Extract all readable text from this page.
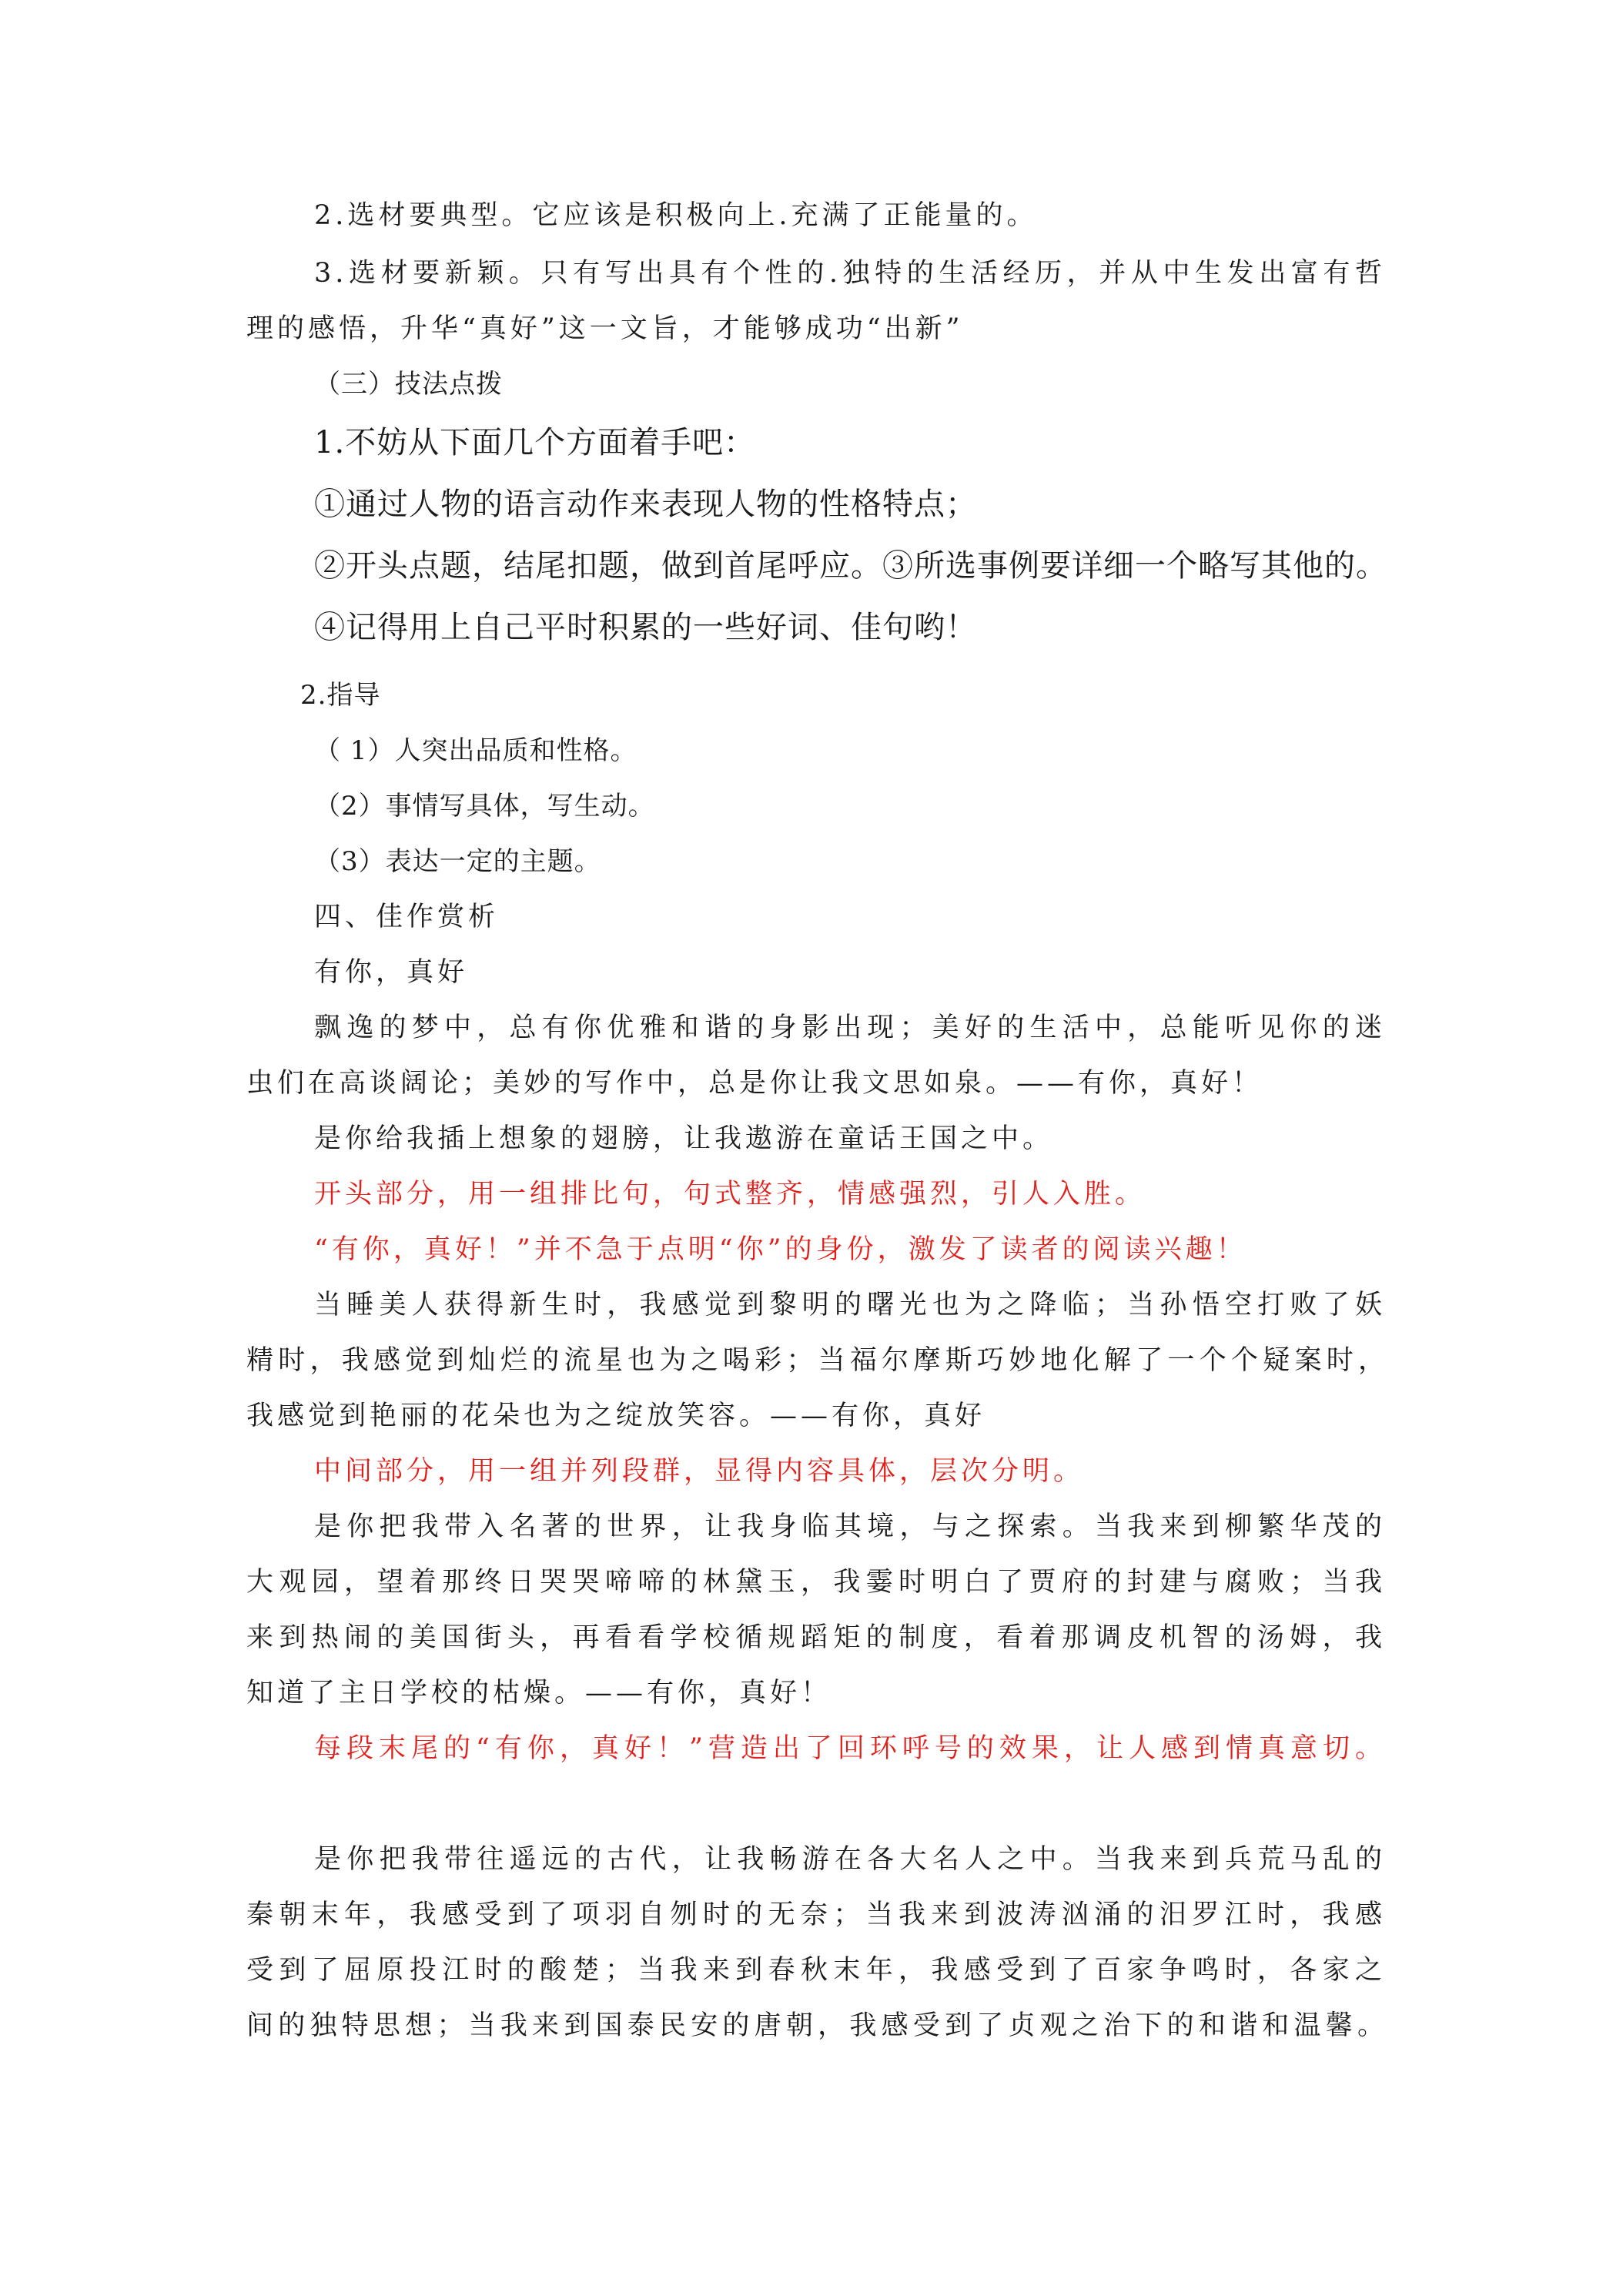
2.选材要典型。它应该是积极向上.充满了正能量的。
3.选材要新颖。只有写出具有个性的.独特的生活经历，并从中生发出富有哲
理的感悟，升华“真好”这一文旨，才能够成功“出新”
（三）技法点拨
1.不妨从下面几个方面着手吧：
①通过人物的语言动作来表现人物的性格特点；
②开头点题，结尾扣题，做到首尾呼应。③所选事例要详细一个略写其他的。
④记得用上自己平时积累的一些好词、佳句哟！
2.指导
（ 1）人突出品质和性格。
（2）事情写具体，写生动。
（3）表达一定的主题。
四、佳作赏析
有你，真好
飘逸的梦中，总有你优雅和谐的身影出现；美好的生活中，总能听见你的迷
虫们在高谈阔论；美妙的写作中，总是你让我文思如泉。——有你，真好！
是你给我插上想象的翅膀，让我遨游在童话王国之中。
开头部分，用一组排比句，句式整齐，情感强烈，引人入胜。
“有你，真好！”并不急于点明“你”的身份，激发了读者的阅读兴趣！
当睡美人获得新生时，我感觉到黎明的曙光也为之降临；当孙悟空打败了妖
精时，我感觉到灿烂的流星也为之喝彩；当福尔摩斯巧妙地化解了一个个疑案时，
我感觉到艳丽的花朵也为之绽放笑容。——有你，真好
中间部分，用一组并列段群，显得内容具体，层次分明。
是你把我带入名著的世界，让我身临其境，与之探索。当我来到柳繁华茂的
大观园，望着那终日哭哭啼啼的林黛玉，我霎时明白了贾府的封建与腐败；当我
来到热闹的美国街头，再看看学校循规蹈矩的制度，看着那调皮机智的汤姆，我
知道了主日学校的枯燥。——有你，真好！
每段末尾的“有你，真好！”营造出了回环呼号的效果，让人感到情真意切。
是你把我带往遥远的古代，让我畅游在各大名人之中。当我来到兵荒马乱的
秦朝末年，我感受到了项羽自刎时的无奈；当我来到波涛汹涌的汨罗江时，我感
受到了屈原投江时的酸楚；当我来到春秋末年，我感受到了百家争鸣时，各家之
间的独特思想；当我来到国泰民安的唐朝，我感受到了贞观之治下的和谐和温馨。
